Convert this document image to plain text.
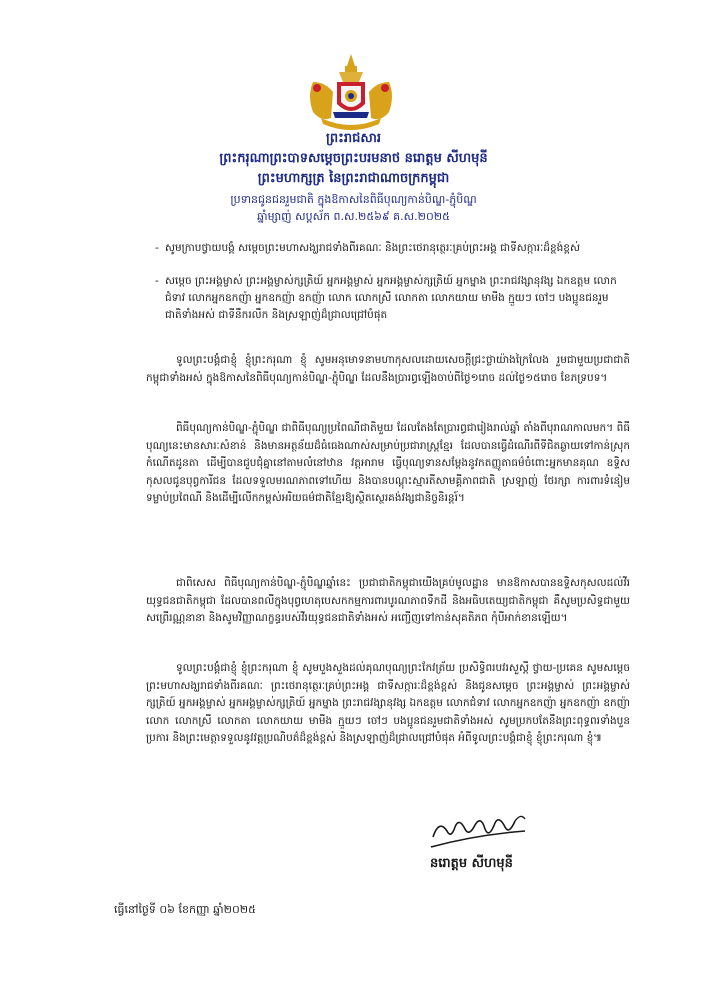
ព្រះរាជសារ
ព្រះករុណាព្រះបាទសម្តេចព្រះបរមនាថ នរោត្តម សីហមុនី
ព្រះមហាក្សត្រ នៃព្រះរាជាណាចក្រកម្ពុជា
ប្រទានជូនជនរួមជាតិ ក្នុងឱកាសនៃពិធីបុណ្យកាន់បិណ្ឌ-ភ្ជុំបិណ្ឌ
ឆ្នាំម្សាញ់ សប្តស័ក ព.ស.២៥៦៩ គ.ស.២០២៥
- សូមក្រាបថ្វាយបង្គំ សម្តេចព្រះមហាសង្ឃរាជទាំងពីរគណៈ និងព្រះថេរានុត្ថេរៈគ្រប់ព្រះអង្គ ជាទីសក្ការៈដ៏ខ្ពង់ខ្ពស់
- សម្តេច ព្រះអង្គម្ចាស់ ព្រះអង្គម្ចាស់ក្សត្រិយ៍ អ្នកអង្គម្ចាស់ អ្នកអង្គម្ចាស់ក្សត្រិយ៍ អ្នកម្នាង ព្រះរាជវង្សានុវង្ស ឯកឧត្តម លោកជំទាវ លោកអ្នកឧកញ៉ា អ្នកឧកញ៉ា ឧកញ៉ា លោក លោកស្រី លោកតា លោកយាយ មាមីង ក្មួយៗ ចៅៗ បងប្អូនជនរួមជាតិទាំងអស់ ជាទីនឹករលឹក និងស្រឡាញ់ដ៏ជ្រាលជ្រៅបំផុត
ទូលព្រះបង្គំជាខ្ញុំ ខ្ញុំព្រះករុណា ខ្ញុំ សូមអនុមោទនាមហាកុសលដោយសេចក្តីជ្រះថ្លាយ៉ាងក្រៃលែង រួមជាមួយប្រជាជាតិកម្ពុជាទាំងអស់ ក្នុងឱកាសនៃពិធីបុណ្យកាន់បិណ្ឌ-ភ្ជុំបិណ្ឌ ដែលនឹងប្រារព្ធឡើងចាប់ពីថ្ងៃ១រោច ដល់ថ្ងៃ១៥រោច ខែភទ្របទ។
ពិធីបុណ្យកាន់បិណ្ឌ-ភ្ជុំបិណ្ឌ ជាពិធីបុណ្យប្រពៃណីជាតិមួយ ដែលតែងតែប្រារព្ធជារៀងរាល់ឆ្នាំ តាំងពីបុរាណកាលមក។ ពិធីបុណ្យនេះមានសារៈសំខាន់ និងមានអត្ថន័យដ៏ធំធេងណាស់សម្រាប់ប្រជារាស្ត្រខ្មែរ ដែលបានធ្វើដំណើរពីទីជិតឆ្ងាយទៅកាន់ស្រុកកំណើតដូនតា ដើម្បីបានជួបជុំគ្នានៅតាមលំនៅឋាន វត្តអារាម ធ្វើបុណ្យទានសម្តែងនូវកតញ្ញូតាធម៌ចំពោះអ្នកមានគុណ ឧទ្ទិសកុសលជូនបុព្វការីជន ដែលទទួលមរណភាពទៅហើយ និងបានបណ្តុះស្មារតីសាមគ្គីភាពជាតិ ស្រឡាញ់ ថែរក្សា ការពារទំនៀមទម្លាប់ប្រពៃណី និងដើម្បីលើកកម្ពស់អរិយធម៌ជាតិខ្មែរឱ្យស្ថិតស្ថេរគង់វង្សជានិច្ចនិរន្តរ៍។
ជាពិសេស ពិធីបុណ្យកាន់បិណ្ឌ-ភ្ជុំបិណ្ឌឆ្នាំនេះ ប្រជាជាតិកម្ពុជាយើងគ្រប់មូលដ្ឋាន មានឱកាសបានឧទ្ទិសកុសលដល់វីរយុទ្ធជនជាតិកម្ពុជា ដែលបានពលីក្នុងបុព្វហេតុបេសកកម្មការពារបូរណភាពទឹកដី និងអធិបតេយ្យជាតិកម្ពុជា គឺសូមប្រសិទ្ធជាមួយសព្រើរណ្ណនានា និងសូមវិញ្ញាណក្ខន្ធរបស់វីរយុទ្ធជនជាតិទាំងអស់ អញ្ជើញទៅកាន់សុគតិភព កុំបីអាក់ខានឡើយ។
ទូលព្រះបង្គំជាខ្ញុំ ខ្ញុំព្រះករុណា ខ្ញុំ សូមបួងសួងដល់គុណបុណ្យព្រះកែវត្រ័យ ប្រសិទ្ធិពរបវរសួស្តី ថ្វាយ-ប្រគេន សូមសម្តេចព្រះមហាសង្ឃរាជទាំងពីរគណៈ ព្រះថេរានុត្ថេរៈគ្រប់ព្រះអង្គ ជាទីសក្ការៈដ៏ខ្ពង់ខ្ពស់ និងជូនសម្តេច ព្រះអង្គម្ចាស់ ព្រះអង្គម្ចាស់ក្សត្រិយ៍ អ្នកអង្គម្ចាស់ អ្នកអង្គម្ចាស់ក្សត្រិយ៍ អ្នកម្នាង ព្រះរាជវង្សានុវង្ស ឯកឧត្តម លោកជំទាវ លោកអ្នកឧកញ៉ា អ្នកឧកញ៉ា ឧកញ៉ា លោក លោកស្រី លោកតា លោកយាយ មាមីង ក្មួយៗ ចៅៗ បងប្អូនជនរួមជាតិទាំងអស់ សូមប្រកបតែនឹងព្រះពុទ្ធពរទាំងបួនប្រការ និងព្រះមេត្តាទទួលនូវវត្តប្រណិបត៌ដ៏ខ្ពង់ខ្ពស់ និងស្រឡាញ់ដ៏ជ្រាលជ្រៅបំផុត អំពីទូលព្រះបង្គំជាខ្ញុំ ខ្ញុំព្រះករុណា ខ្ញុំ៕
នរោត្តម សីហមុនី
ធ្វើនៅថ្ងៃទី ០៦ ខែកញ្ញា ឆ្នាំ២០២៥
